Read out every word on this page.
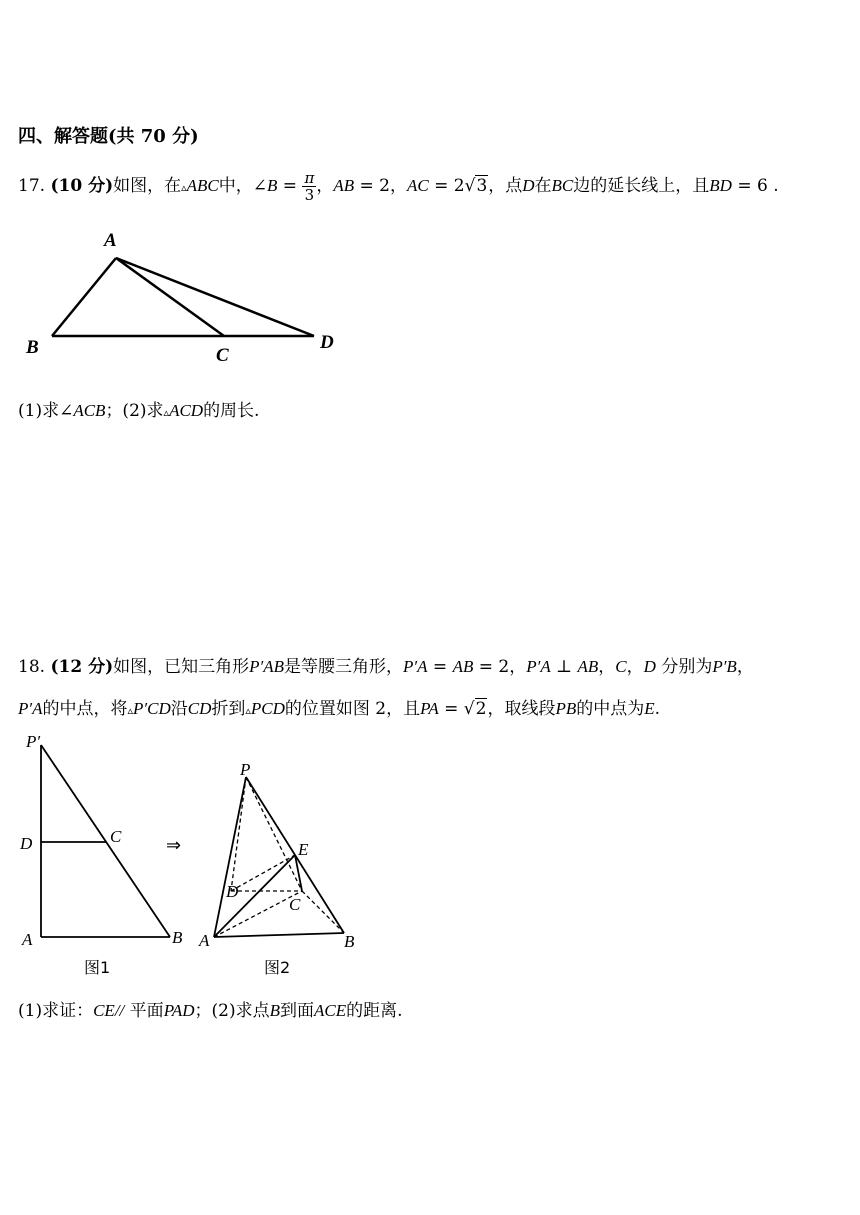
四、解答题(共 70 分)
17. (10 分)如图，在▵ABC中，∠B = $\frac{\pi}{3}$ ，AB = 2，AC = 2√3，点D在BC边的延长线上，且BD = 6 .
A
B	C
D
(1)求∠ACB；(2)求▵ACD的周长.
18. (12 分)如图，已知三角形P′AB是等腰三角形，P′A = AB = 2，P′A ⊥ AB，C，D 分别为P′B，
P′A的中点，将▵P′CD沿CD折到▵PCD的位置如图 2，且PA = √2，取线段PB的中点为E.
P′
D	C
A	B
⇒
P
E
D
C
A	B
图1	图2
(1)求证：CE// 平面PAD；(2)求点B到面ACE的距离.
